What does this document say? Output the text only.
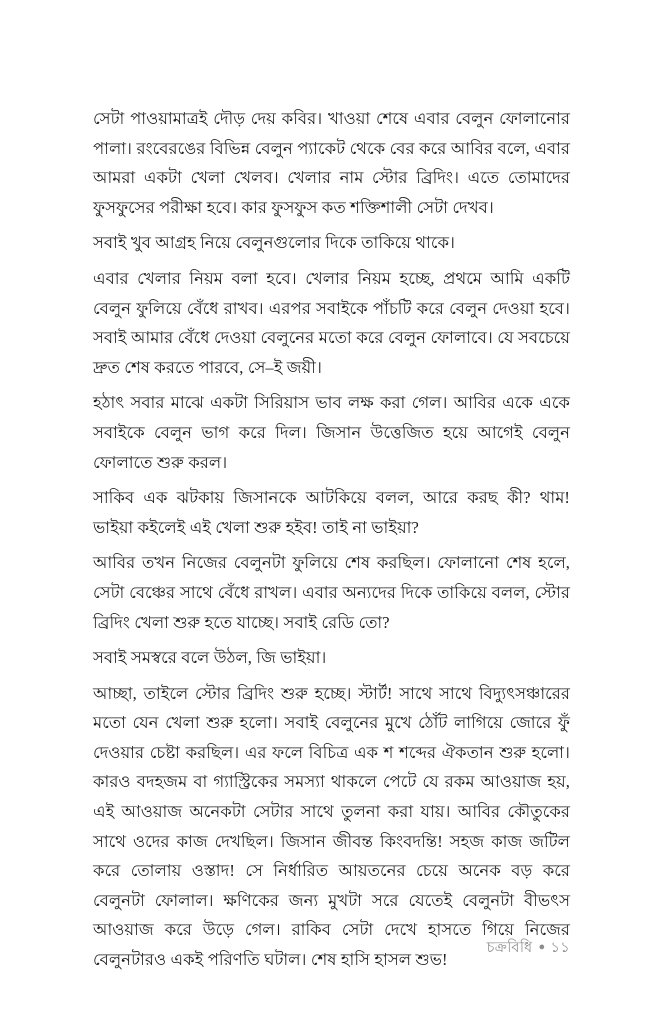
সেটা পাওয়ামাত্রই দৌড় দেয় কবির। খাওয়া শেষে এবার বেলুন ফোলানোর পালা। রংবেরঙের বিভিন্ন বেলুন প্যাকেট থেকে বের করে আবির বলে, এবার আমরা একটা খেলা খেলব। খেলার নাম স্টোর ব্রিদিং। এতে তোমাদের ফুসফুসের পরীক্ষা হবে। কার ফুসফুস কত শক্তিশালী সেটা দেখব।

সবাই খুব আগ্রহ নিয়ে বেলুনগুলোর দিকে তাকিয়ে থাকে।

এবার খেলার নিয়ম বলা হবে। খেলার নিয়ম হচ্ছে, প্রথমে আমি একটি বেলুন ফুলিয়ে বেঁধে রাখব। এরপর সবাইকে পাঁচটি করে বেলুন দেওয়া হবে। সবাই আমার বেঁধে দেওয়া বেলুনের মতো করে বেলুন ফোলাবে। যে সবচেয়ে দ্রুত শেষ করতে পারবে, সে–ই জয়ী।

হঠাৎ সবার মাঝে একটা সিরিয়াস ভাব লক্ষ করা গেল। আবির একে একে সবাইকে বেলুন ভাগ করে দিল। জিসান উত্তেজিত হয়ে আগেই বেলুন ফোলাতে শুরু করল।

সাকিব এক ঝটকায় জিসানকে আটকিয়ে বলল, আরে করছ কী? থাম! ভাইয়া কইলেই এই খেলা শুরু হইব! তাই না ভাইয়া?

আবির তখন নিজের বেলুনটা ফুলিয়ে শেষ করছিল। ফোলানো শেষ হলে, সেটা বেঞ্চের সাথে বেঁধে রাখল। এবার অন্যদের দিকে তাকিয়ে বলল, স্টোর ব্রিদিং খেলা শুরু হতে যাচ্ছে। সবাই রেডি তো?

সবাই সমস্বরে বলে উঠল, জি ভাইয়া।

আচ্ছা, তাইলে স্টোর ব্রিদিং শুরু হচ্ছে। স্টার্ট! সাথে সাথে বিদ্যুৎসঞ্চারের মতো যেন খেলা শুরু হলো। সবাই বেলুনের মুখে ঠোঁট লাগিয়ে জোরে ফুঁ দেওয়ার চেষ্টা করছিল। এর ফলে বিচিত্র এক শ শব্দের ঐকতান শুরু হলো। কারও বদহজম বা গ্যাস্ট্রিকের সমস্যা থাকলে পেটে যে রকম আওয়াজ হয়, এই আওয়াজ অনেকটা সেটার সাথে তুলনা করা যায়। আবির কৌতুকের সাথে ওদের কাজ দেখছিল। জিসান জীবন্ত কিংবদন্তি! সহজ কাজ জটিল করে তোলায় ওস্তাদ! সে নির্ধারিত আয়তনের চেয়ে অনেক বড় করে বেলুনটা ফোলাল। ক্ষণিকের জন্য মুখটা সরে যেতেই বেলুনটা বীভৎস আওয়াজ করে উড়ে গেল। রাকিব সেটা দেখে হাসতে গিয়ে নিজের বেলুনটারও একই পরিণতি ঘটাল। শেষ হাসি হাসল শুভ!

চক্রবিধি ● ১১
